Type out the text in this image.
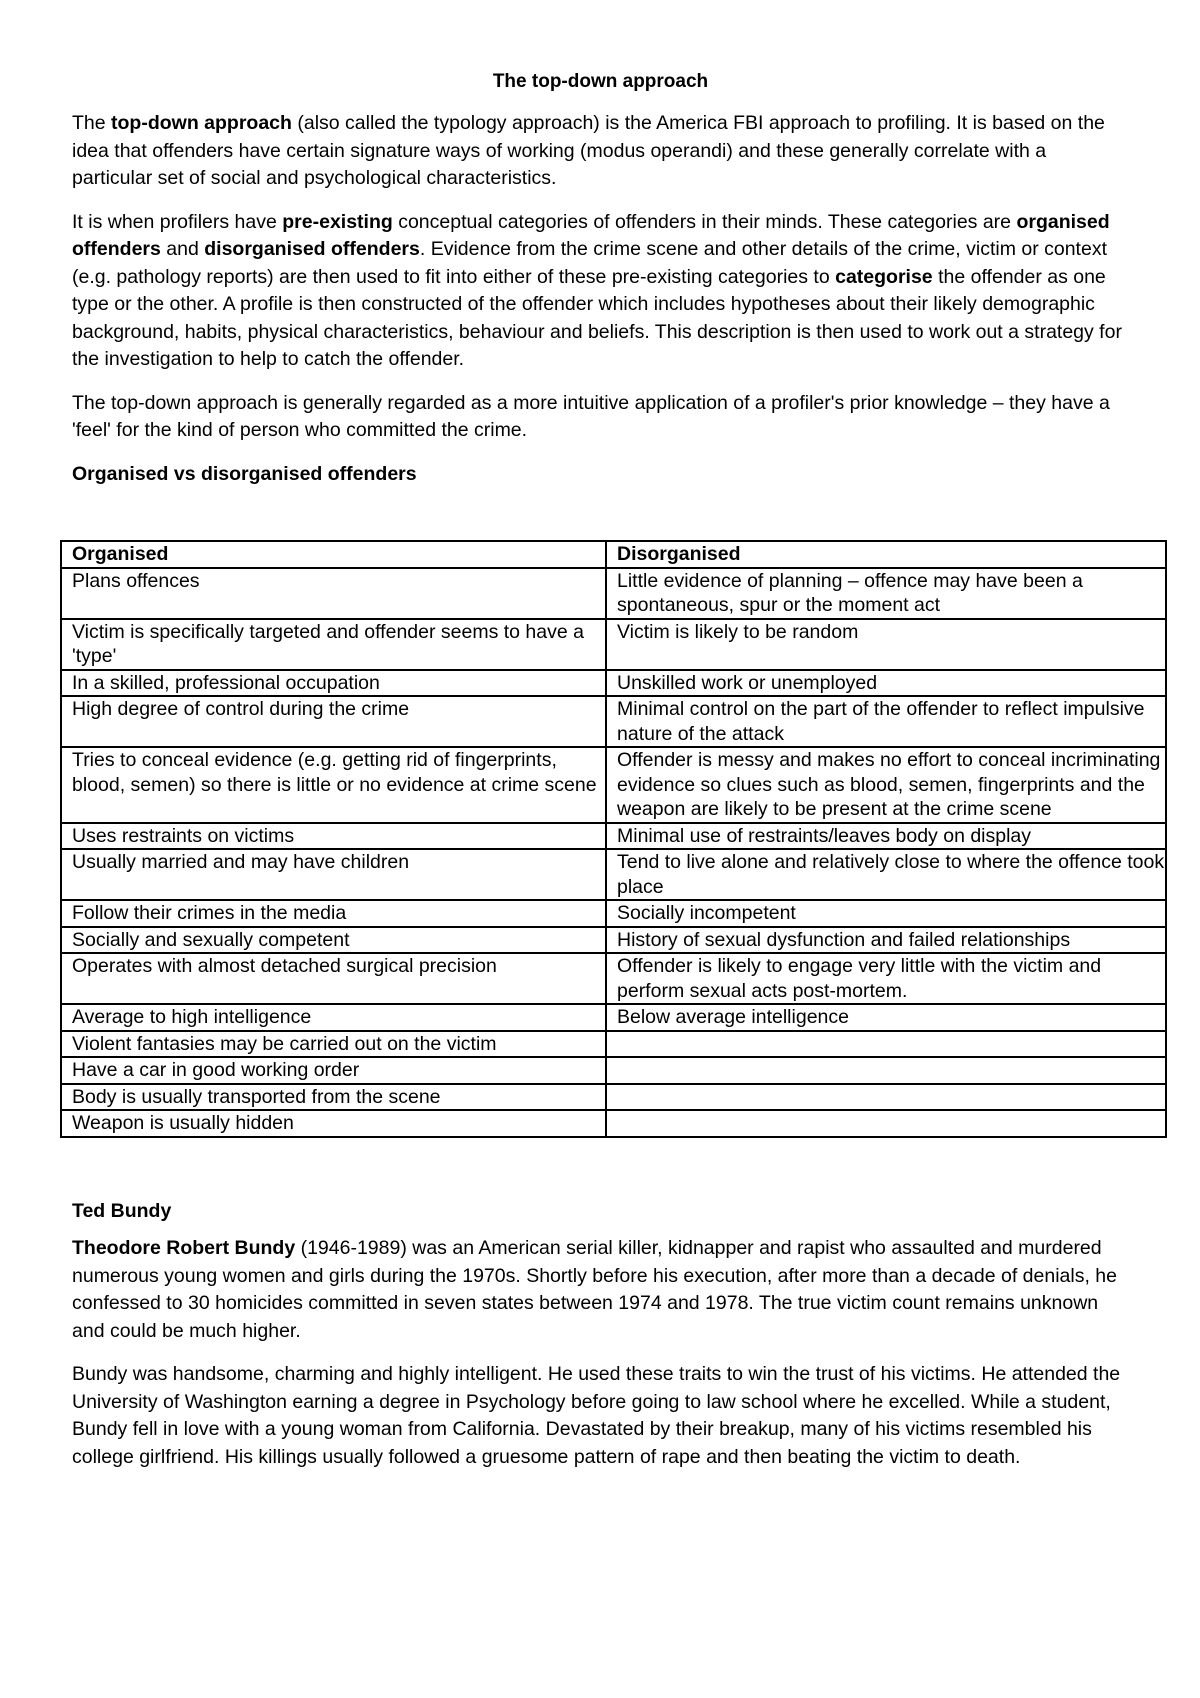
The top-down approach

The top-down approach (also called the typology approach) is the America FBI approach to profiling. It is based on the idea that offenders have certain signature ways of working (modus operandi) and these generally correlate with a particular set of social and psychological characteristics.

It is when profilers have pre-existing conceptual categories of offenders in their minds. These categories are organised offenders and disorganised offenders. Evidence from the crime scene and other details of the crime, victim or context (e.g. pathology reports) are then used to fit into either of these pre-existing categories to categorise the offender as one type or the other. A profile is then constructed of the offender which includes hypotheses about their likely demographic background, habits, physical characteristics, behaviour and beliefs. This description is then used to work out a strategy for the investigation to help to catch the offender.

The top-down approach is generally regarded as a more intuitive application of a profiler's prior knowledge – they have a 'feel' for the kind of person who committed the crime.

Organised vs disorganised offenders
Organised	Disorganised
Plans offences	Little evidence of planning – offence may have been a spontaneous, spur or the moment act
Victim is specifically targeted and offender seems to have a 'type'	Victim is likely to be random
In a skilled, professional occupation	Unskilled work or unemployed
High degree of control during the crime	Minimal control on the part of the offender to reflect impulsive nature of the attack
Tries to conceal evidence (e.g. getting rid of fingerprints, blood, semen) so there is little or no evidence at crime scene	Offender is messy and makes no effort to conceal incriminating evidence so clues such as blood, semen, fingerprints and the weapon are likely to be present at the crime scene
Uses restraints on victims	Minimal use of restraints/leaves body on display
Usually married and may have children	Tend to live alone and relatively close to where the offence took place
Follow their crimes in the media	Socially incompetent
Socially and sexually competent	History of sexual dysfunction and failed relationships
Operates with almost detached surgical precision	Offender is likely to engage very little with the victim and perform sexual acts post-mortem.
Average to high intelligence	Below average intelligence
Violent fantasies may be carried out on the victim	
Have a car in good working order	
Body is usually transported from the scene	
Weapon is usually hidden	
Ted Bundy

Theodore Robert Bundy (1946-1989) was an American serial killer, kidnapper and rapist who assaulted and murdered numerous young women and girls during the 1970s. Shortly before his execution, after more than a decade of denials, he confessed to 30 homicides committed in seven states between 1974 and 1978. The true victim count remains unknown and could be much higher.

Bundy was handsome, charming and highly intelligent. He used these traits to win the trust of his victims. He attended the University of Washington earning a degree in Psychology before going to law school where he excelled. While a student, Bundy fell in love with a young woman from California. Devastated by their breakup, many of his victims resembled his college girlfriend. His killings usually followed a gruesome pattern of rape and then beating the victim to death.
